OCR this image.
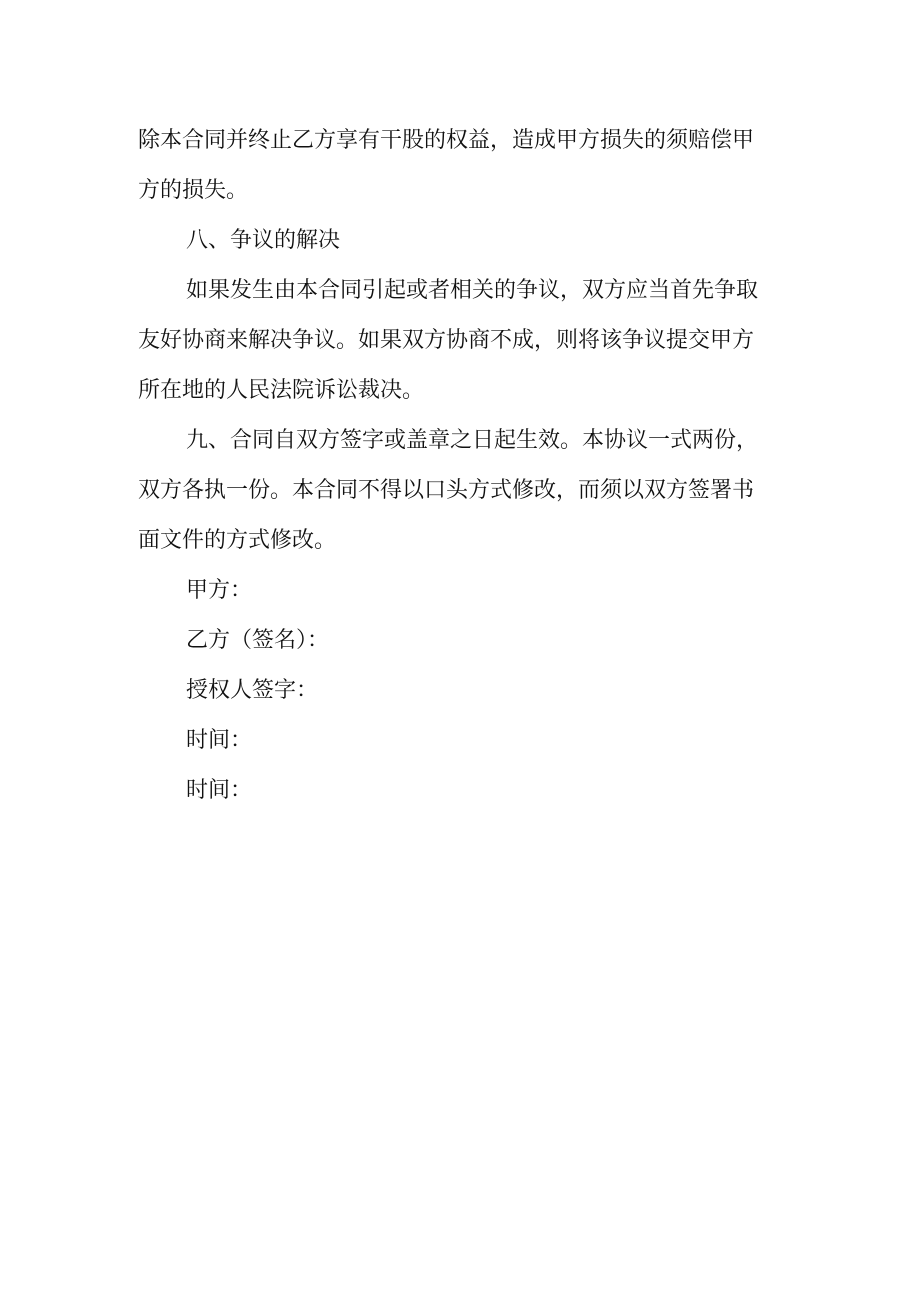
除本合同并终止乙方享有干股的权益，造成甲方损失的须赔偿甲
方的损失。

八、争议的解决

如果发生由本合同引起或者相关的争议，双方应当首先争取
友好协商来解决争议。如果双方协商不成，则将该争议提交甲方
所在地的人民法院诉讼裁决。

九、合同自双方签字或盖章之日起生效。本协议一式两份，
双方各执一份。本合同不得以口头方式修改，而须以双方签署书
面文件的方式修改。

甲方：

乙方（签名）：

授权人签字：

时间：

时间：
